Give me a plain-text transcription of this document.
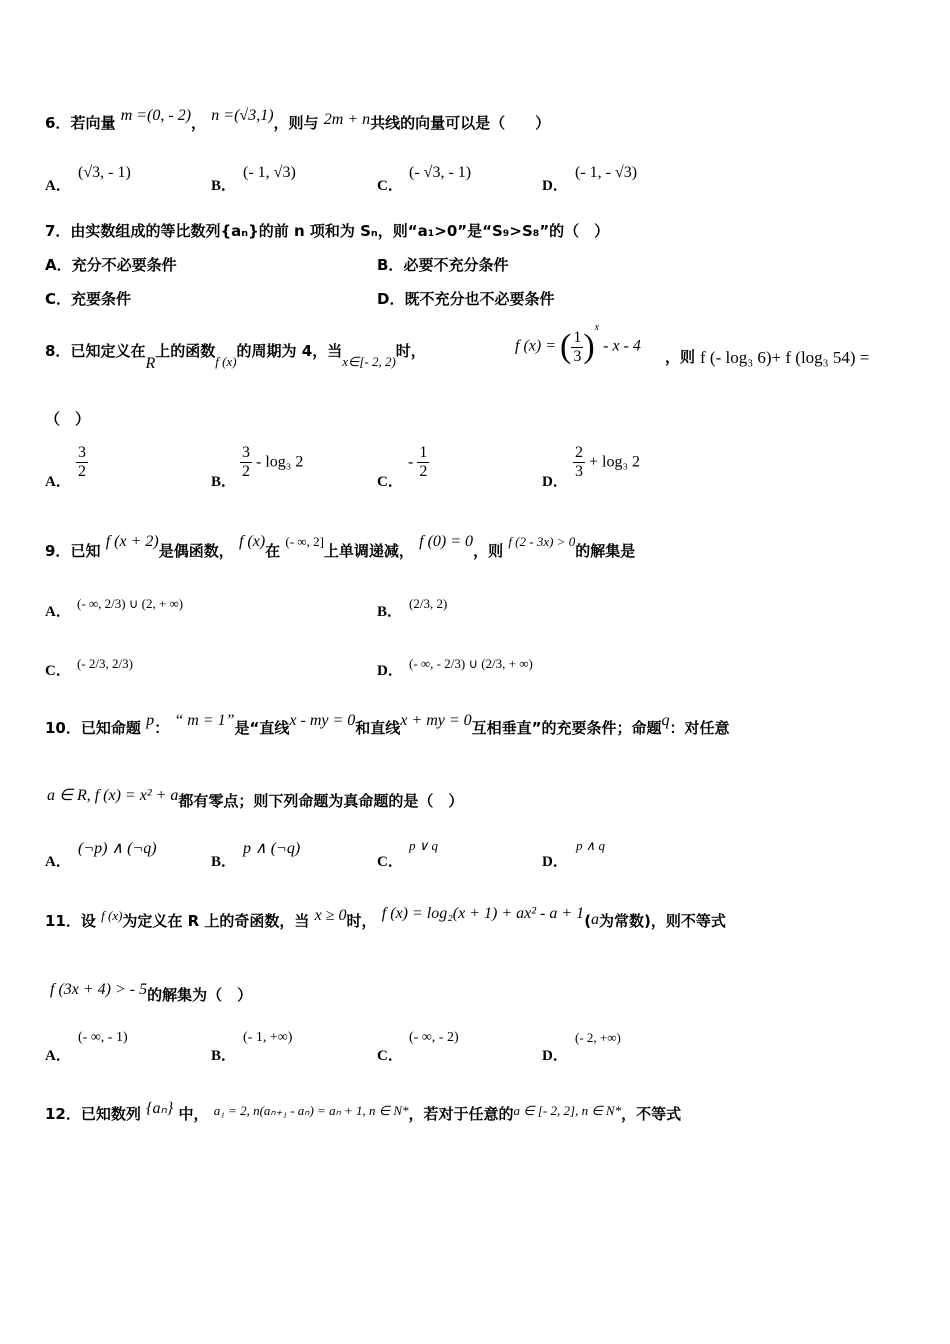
6．若向量 m =(0, - 2)， n =(√3,1)，则与 2m + n共线的向量可以是（　　）
A．
(√3, - 1)
B．
(- 1, √3)
C．
(- √3, - 1)
D．
(- 1, - √3)
7．由实数组成的等比数列{aₙ}的前 n 项和为 Sₙ，则“a₁>0”是“S₉>S₈”的（　）
A．充分不必要条件	B．必要不充分条件
C．充要条件	D．既不充分也不必要条件
8．已知定义在R上的函数f (x)的周期为 4，当x∈[- 2, 2)时，	f (x) = ( $\frac{1}{3} )^x$ - x - 4
，则 f (- log₃ 6)+ f (log₃ 54) =
（　）
A．
$\frac{3}{2}$
B．
$\frac{3}{2} - \log_3$ 2
C．
- $\frac{1}{2}$
D．
$\frac{2}{3} + \log_3$ 2
9．已知 f (x + 2)是偶函数， f (x)在 (- ∞, 2]上单调递减， f (0) = 0，则 f (2 - 3x) > 0的解集是
A．
(- ∞, 2/3) ∪ (2, + ∞)
B．
(2/3, 2)
C． (- 2/3, 2/3)	D． (- ∞, - 2/3) ∪ (2/3, + ∞)
10．已知命题 p： “ m = 1”是“直线x - my = 0和直线x + my = 0互相垂直”的充要条件；命题q：对任意
a ∈ R, f (x) = x² + a都有零点；则下列命题为真命题的是（　）
A．
(¬p) ∧ (¬q)
B．
p ∧ (¬q)
C．
p ∨ q
D．
p ∧ q
11．设 f (x)为定义在 R 上的奇函数，当 x ≥ 0时， f (x) = log₂(x + 1) + ax² - a + 1(a为常数)，则不等式
f (3x + 4) > - 5的解集为（　）
A．
(- ∞, - 1)
B．
(- 1, +∞)
C．
(- ∞, - 2)
D．
(- 2, +∞)
12．已知数列 {aₙ} 中， a₁ = 2, n(aₙ₊₁ - aₙ) = aₙ + 1, n ∈ N*，若对于任意的a ∈ [- 2, 2], n ∈ N*，不等式
